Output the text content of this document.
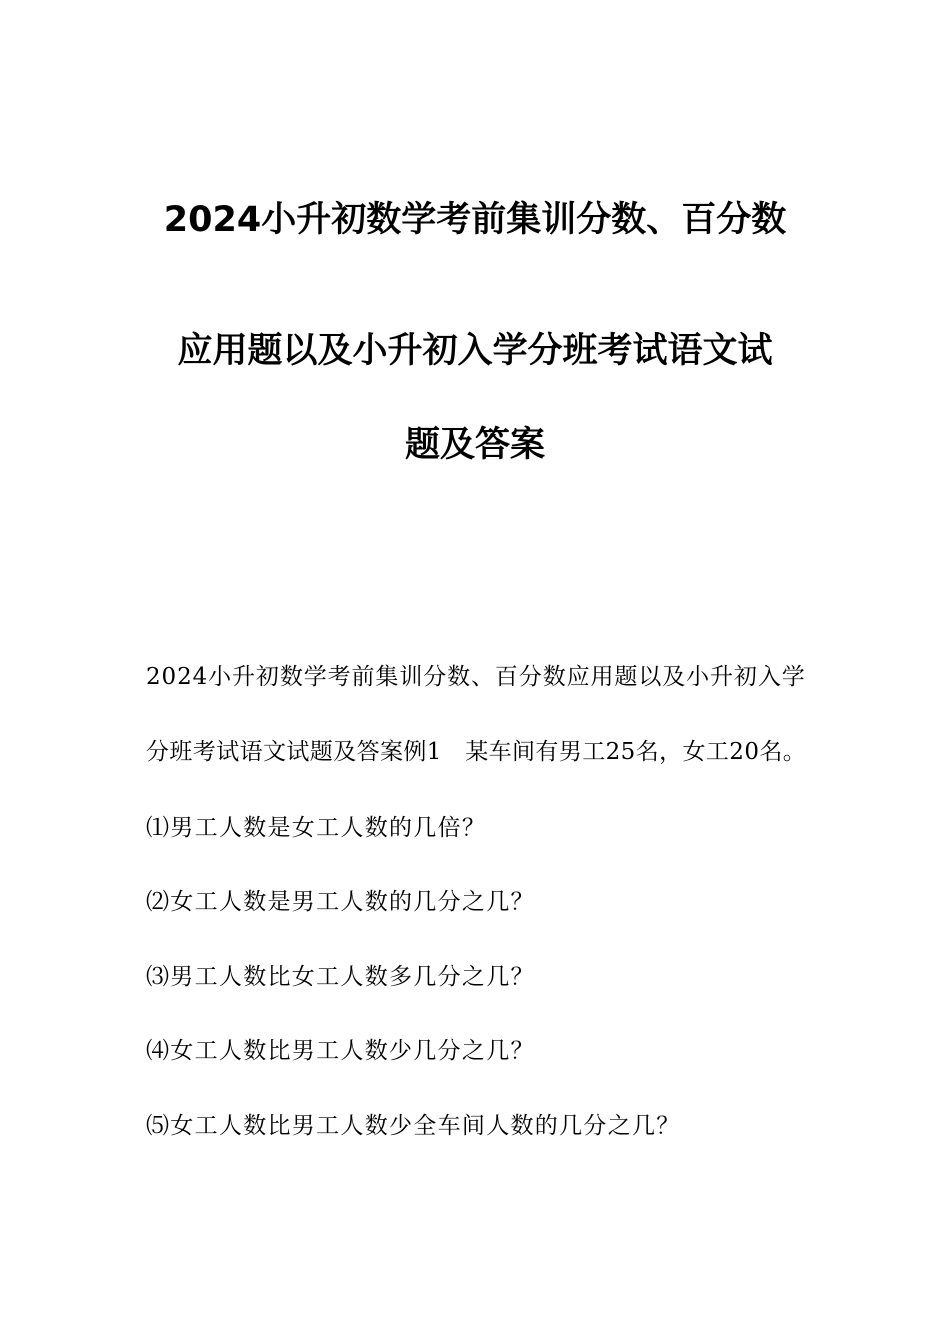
2024小升初数学考前集训分数、百分数
应用题以及小升初入学分班考试语文试
题及答案
2024小升初数学考前集训分数、百分数应用题以及小升初入学
分班考试语文试题及答案例1　某车间有男工25名，女工20名。
⑴男工人数是女工人数的几倍？
⑵女工人数是男工人数的几分之几？
⑶男工人数比女工人数多几分之几？
⑷女工人数比男工人数少几分之几？
⑸女工人数比男工人数少全车间人数的几分之几？
